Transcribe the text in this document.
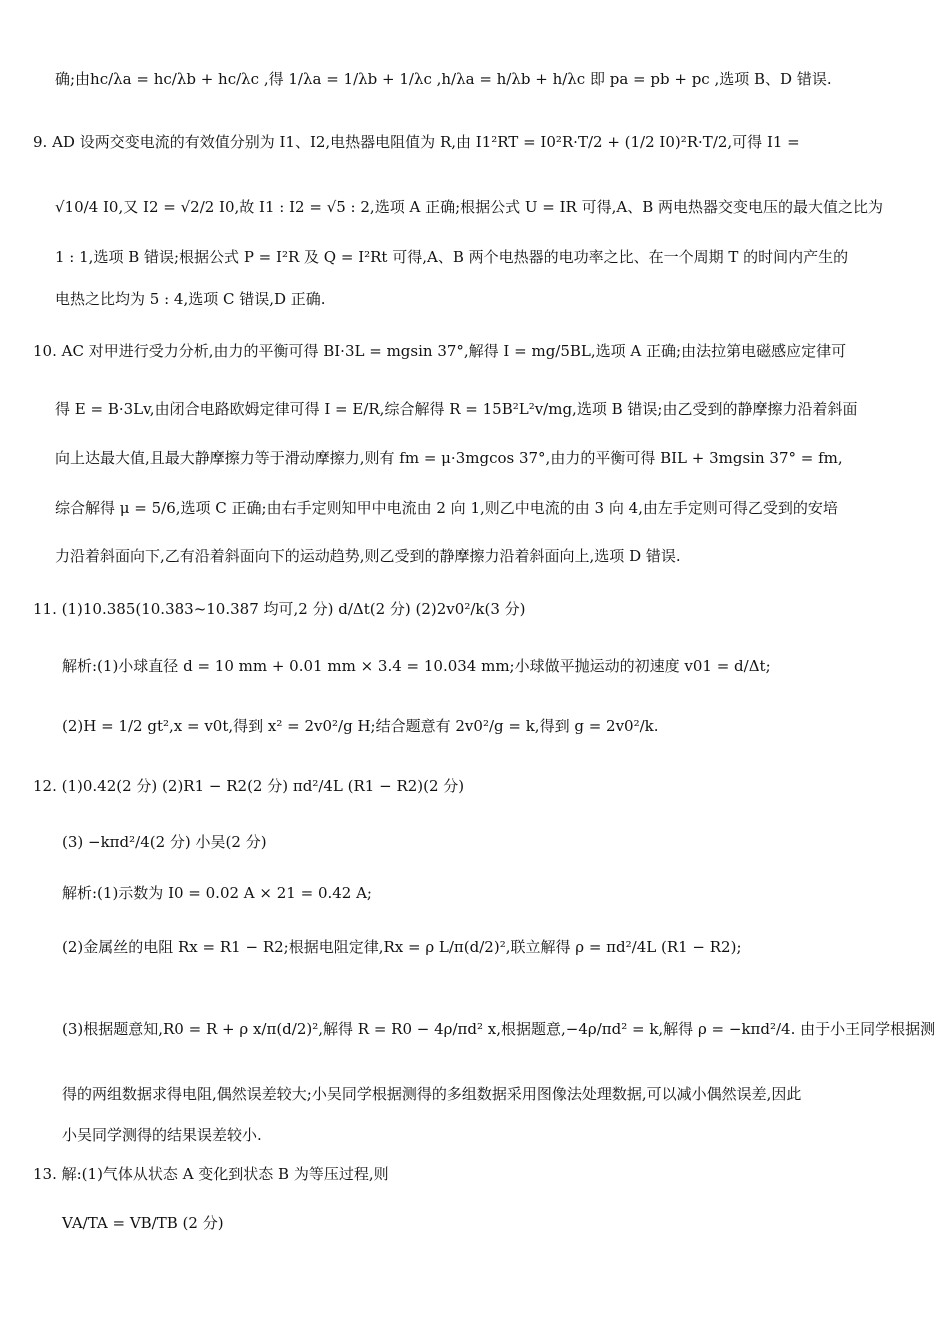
确;由hc/λa = hc/λb + hc/λc ,得 1/λa = 1/λb + 1/λc ,h/λa = h/λb + h/λc 即 pa = pb + pc ,选项 B、D 错误.
9. AD 设两交变电流的有效值分别为 I1、I2,电热器电阻值为 R,由 I1²RT = I0²R·T/2 + (1/2 I0)²R·T/2,可得 I1 =
√10/4 I0,又 I2 = √2/2 I0,故 I1 : I2 = √5 : 2,选项 A 正确;根据公式 U = IR 可得,A、B 两电热器交变电压的最大值之比为
1 : 1,选项 B 错误;根据公式 P = I²R 及 Q = I²Rt 可得,A、B 两个电热器的电功率之比、在一个周期 T 的时间内产生的
电热之比均为 5 : 4,选项 C 错误,D 正确.
10. AC 对甲进行受力分析,由力的平衡可得 BI·3L = mgsin 37°,解得 I = mg/5BL,选项 A 正确;由法拉第电磁感应定律可
得 E = B·3Lv,由闭合电路欧姆定律可得 I = E/R,综合解得 R = 15B²L²v/mg,选项 B 错误;由乙受到的静摩擦力沿着斜面
向上达最大值,且最大静摩擦力等于滑动摩擦力,则有 fm = μ·3mgcos 37°,由力的平衡可得 BIL + 3mgsin 37° = fm,
综合解得 μ = 5/6,选项 C 正确;由右手定则知甲中电流由 2 向 1,则乙中电流的由 3 向 4,由左手定则可得乙受到的安培
力沿着斜面向下,乙有沿着斜面向下的运动趋势,则乙受到的静摩擦力沿着斜面向上,选项 D 错误.
11. (1)10.385(10.383~10.387 均可,2 分) d/Δt(2 分) (2)2v0²/k(3 分)
解析:(1)小球直径 d = 10 mm + 0.01 mm × 3.4 = 10.034 mm;小球做平抛运动的初速度 v01 = d/Δt;
(2)H = 1/2 gt²,x = v0t,得到 x² = 2v0²/g H;结合题意有 2v0²/g = k,得到 g = 2v0²/k.
12. (1)0.42(2 分) (2)R1 − R2(2 分) πd²/4L (R1 − R2)(2 分)
(3) −kπd²/4(2 分) 小吴(2 分)
解析:(1)示数为 I0 = 0.02 A × 21 = 0.42 A;
(2)金属丝的电阻 Rx = R1 − R2;根据电阻定律,Rx = ρ L/π(d/2)²,联立解得 ρ = πd²/4L (R1 − R2);
(3)根据题意知,R0 = R + ρ x/π(d/2)²,解得 R = R0 − 4ρ/πd² x,根据题意,−4ρ/πd² = k,解得 ρ = −kπd²/4. 由于小王同学根据测
得的两组数据求得电阻,偶然误差较大;小吴同学根据测得的多组数据采用图像法处理数据,可以减小偶然误差,因此
小吴同学测得的结果误差较小.
13. 解:(1)气体从状态 A 变化到状态 B 为等压过程,则
VA/TA = VB/TB (2 分)
